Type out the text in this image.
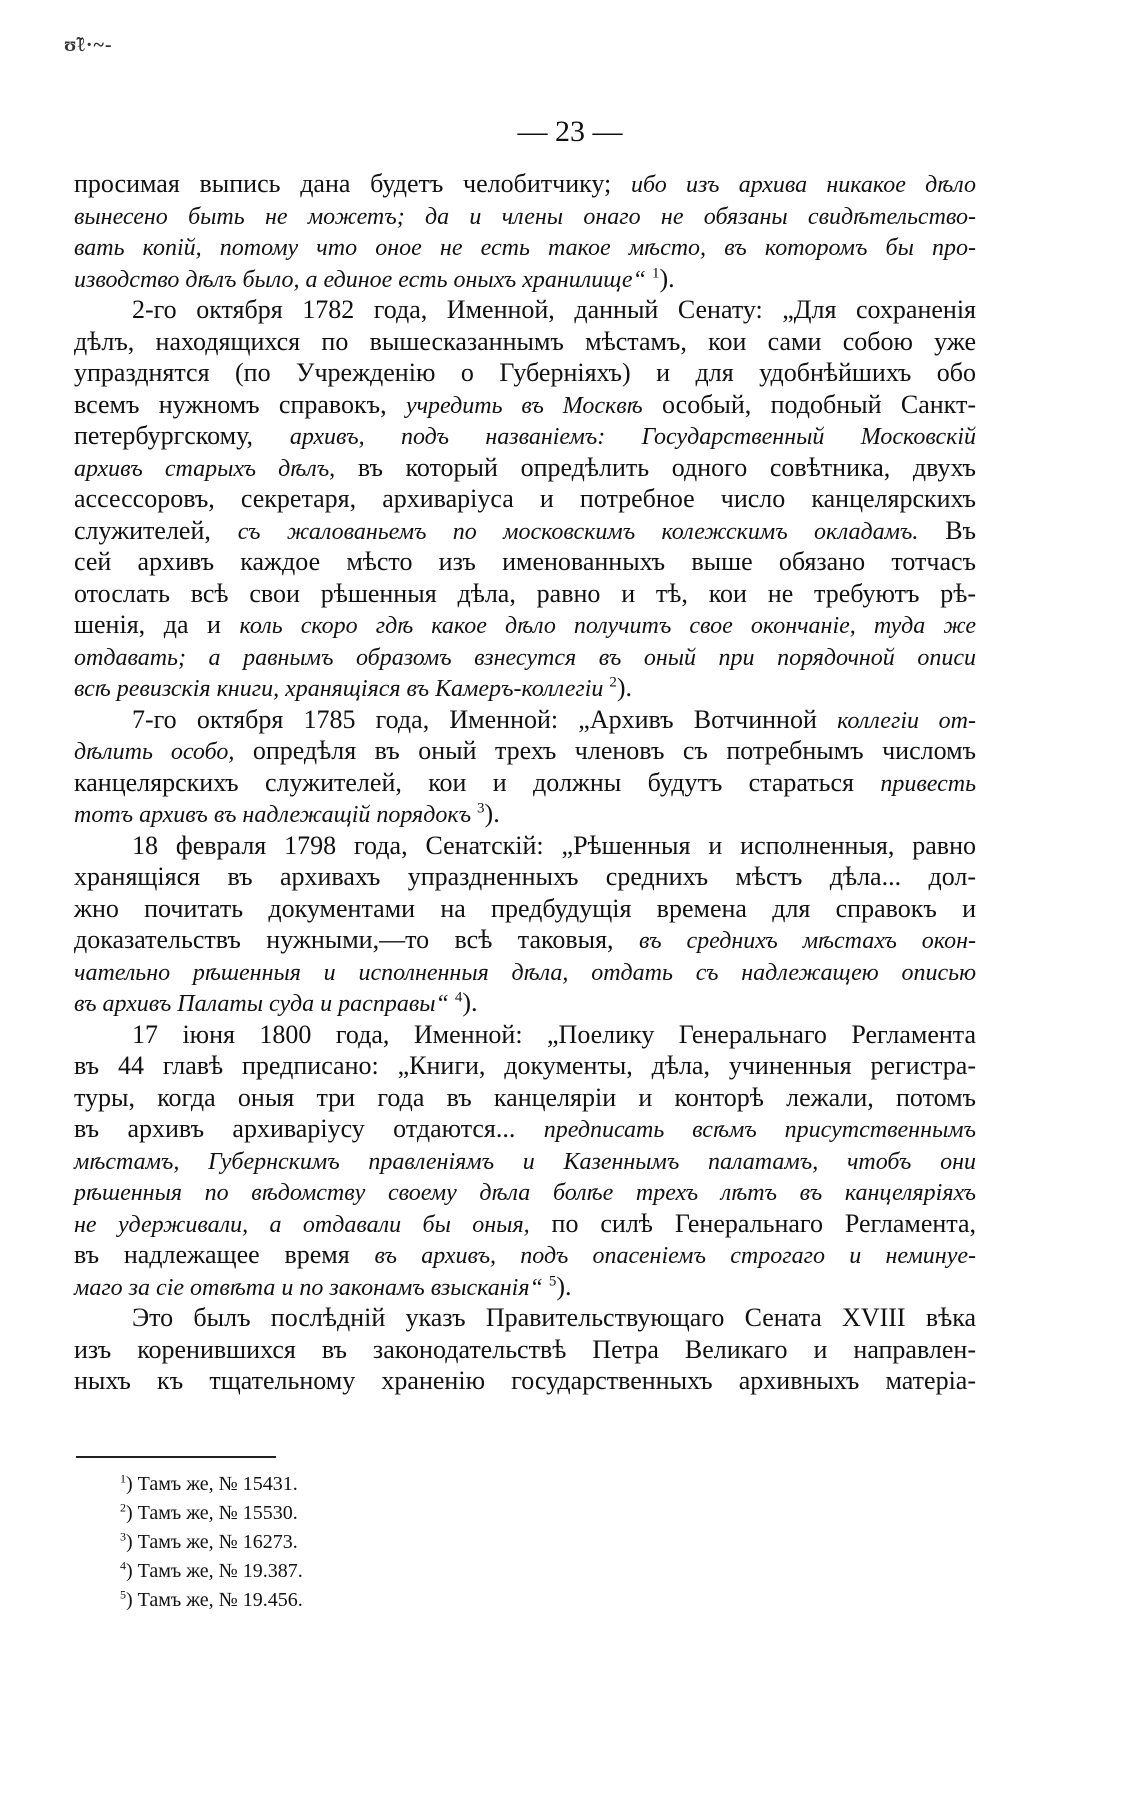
ʊ̃ℓ·~-
— 23 —
просимая выпись дана будетъ челобитчику; ибо изъ архива никакое дѣло
вынесено быть не можетъ; да и члены онаго не обязаны свидѣтельство-
вать копій, потому что оное не есть такое мѣсто, въ которомъ бы про-
изводство дѣлъ было, а единое есть оныхъ хранилище“ $^1$).
2-го октября 1782 года, Именной, данный Сенату: „Для сохраненія
дѣлъ, находящихся по вышесказаннымъ мѣстамъ, кои сами собою уже
упразднятся (по Учрежденію о Губерніяхъ) и для удобнѣйшихъ обо
всемъ нужномъ справокъ, учредить въ Москвѣ особый, подобный Санкт-
петербургскому, архивъ, подъ названіемъ: Государственный Московскій
архивъ старыхъ дѣлъ, въ который опредѣлить одного совѣтника, двухъ
ассессоровъ, секретаря, архиваріуса и потребное число канцелярскихъ
служителей, съ жалованьемъ по московскимъ колежскимъ окладамъ. Въ
сей архивъ каждое мѣсто изъ именованныхъ выше обязано тотчасъ
отослать всѣ свои рѣшенныя дѣла, равно и тѣ, кои не требуютъ рѣ-
шенія, да и коль скоро гдѣ какое дѣло получитъ свое окончаніе, туда же
отдавать; а равнымъ образомъ взнесутся въ оный при порядочной описи
всѣ ревизскія книги, хранящіяся въ Камеръ-коллегіи $^2$).
7-го октября 1785 года, Именной: „Архивъ Вотчинной коллегіи от-
дѣлить особо, опредѣля въ оный трехъ членовъ съ потребнымъ числомъ
канцелярскихъ служителей, кои и должны будутъ стараться привесть
тотъ архивъ въ надлежащій порядокъ $^3$).
18 февраля 1798 года, Сенатскій: „Рѣшенныя и исполненныя, равно
хранящіяся въ архивахъ упраздненныхъ среднихъ мѣстъ дѣла... дол-
жно почитать документами на предбудущія времена для справокъ и
доказательствъ нужными,—то всѣ таковыя, въ среднихъ мѣстахъ окон-
чательно рѣшенныя и исполненныя дѣла, отдать съ надлежащею описью
въ архивъ Палаты суда и расправы“ $^4$).
17 іюня 1800 года, Именной: „Поелику Генеральнаго Регламента
въ 44 главѣ предписано: „Книги, документы, дѣла, учиненныя регистра-
туры, когда оныя три года въ канцеляріи и конторѣ лежали, потомъ
въ архивъ архиваріусу отдаются... предписать всѣмъ присутственнымъ
мѣстамъ, Губернскимъ правленіямъ и Казеннымъ палатамъ, чтобъ они
рѣшенныя по вѣдомству своему дѣла болѣе трехъ лѣтъ въ канцеляріяхъ
не удерживали, а отдавали бы оныя, по силѣ Генеральнаго Регламента,
въ надлежащее время въ архивъ, подъ опасеніемъ строгаго и неминуе-
маго за сіе отвѣта и по законамъ взысканія“ $^5$).
Это былъ послѣдній указъ Правительствующаго Сената XVIII вѣка
изъ коренившихся въ законодательствѣ Петра Великаго и направлен-
ныхъ къ тщательному храненію государственныхъ архивныхъ матеріа-
$^1$) Тамъ же, № 15431.
$^2$) Тамъ же, № 15530.
$^3$) Тамъ же, № 16273.
$^4$) Тамъ же, № 19.387.
$^5$) Тамъ же, № 19.456.
